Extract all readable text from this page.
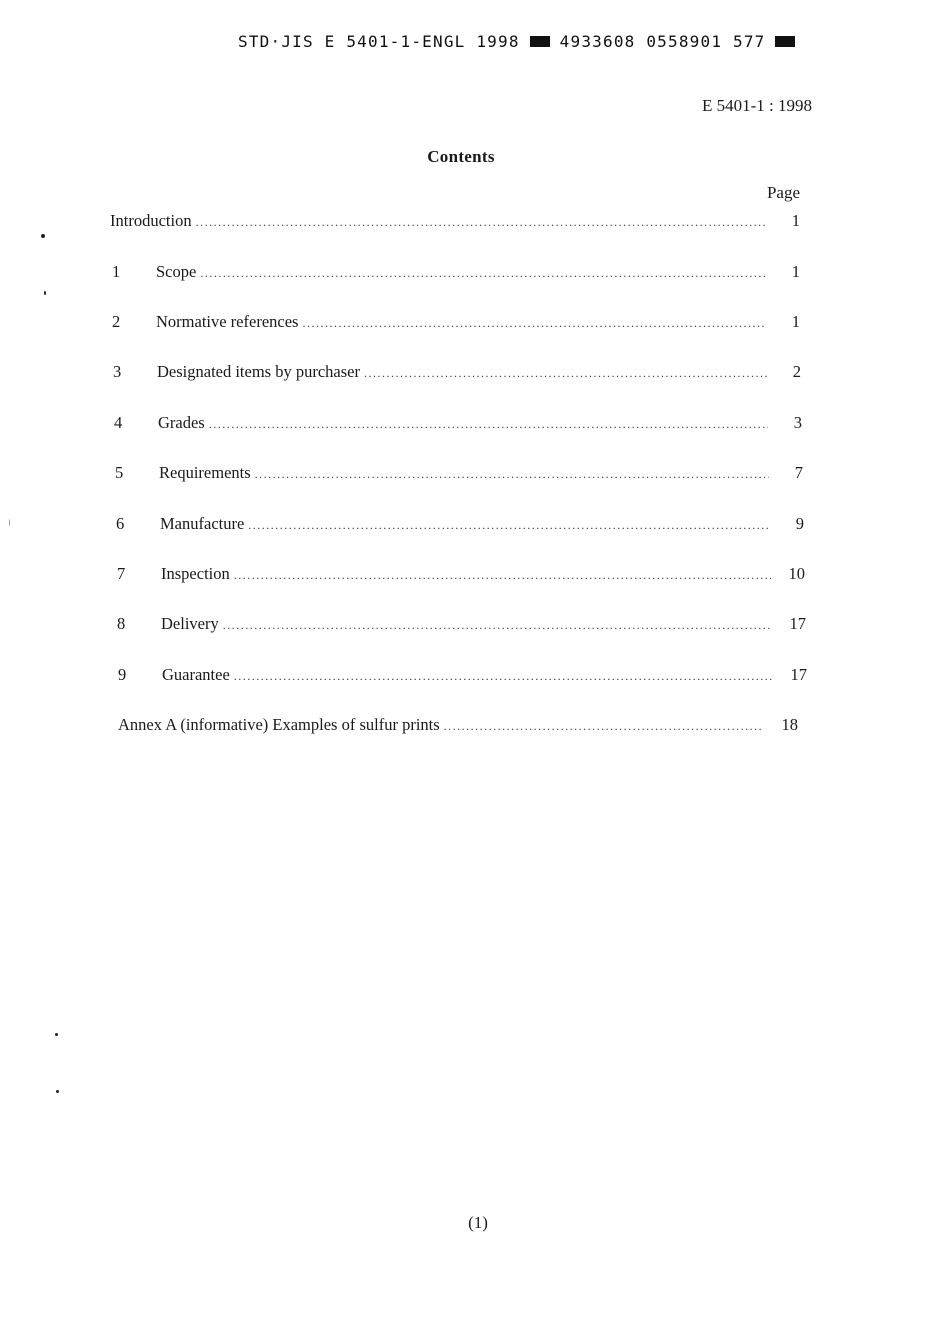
STD·JIS E 5401-1-ENGL 1998	4933608 0558901 577
E 5401-1 : 1998
Contents
Page
Introduction .....	1
1	Scope .....	1
2	Normative references .....	1
3	Designated items by purchaser .....	2
4	Grades .....	3
5	Requirements .....	7
6	Manufacture .....	9
7	Inspection .....	10
8	Delivery .....	17
9	Guarantee .....	17
Annex A (informative) Examples of sulfur prints .....	18
(1)
